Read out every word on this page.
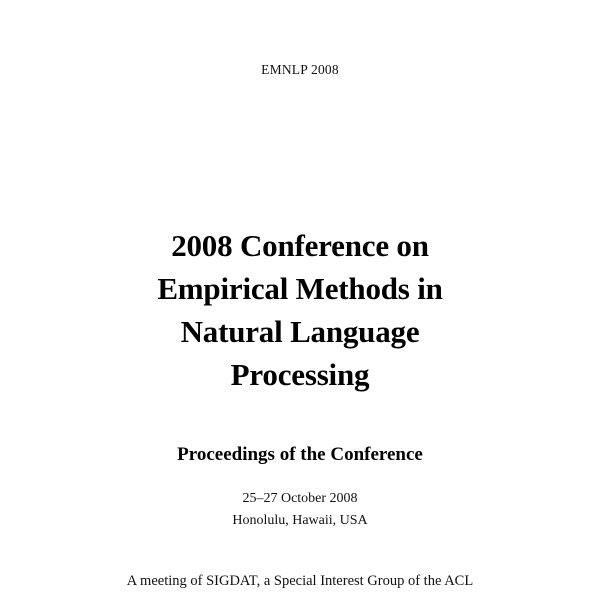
EMNLP 2008
2008 Conference on
Empirical Methods in
Natural Language
Processing
Proceedings of the Conference
25–27 October 2008
Honolulu, Hawaii, USA
A meeting of SIGDAT, a Special Interest Group of the ACL
